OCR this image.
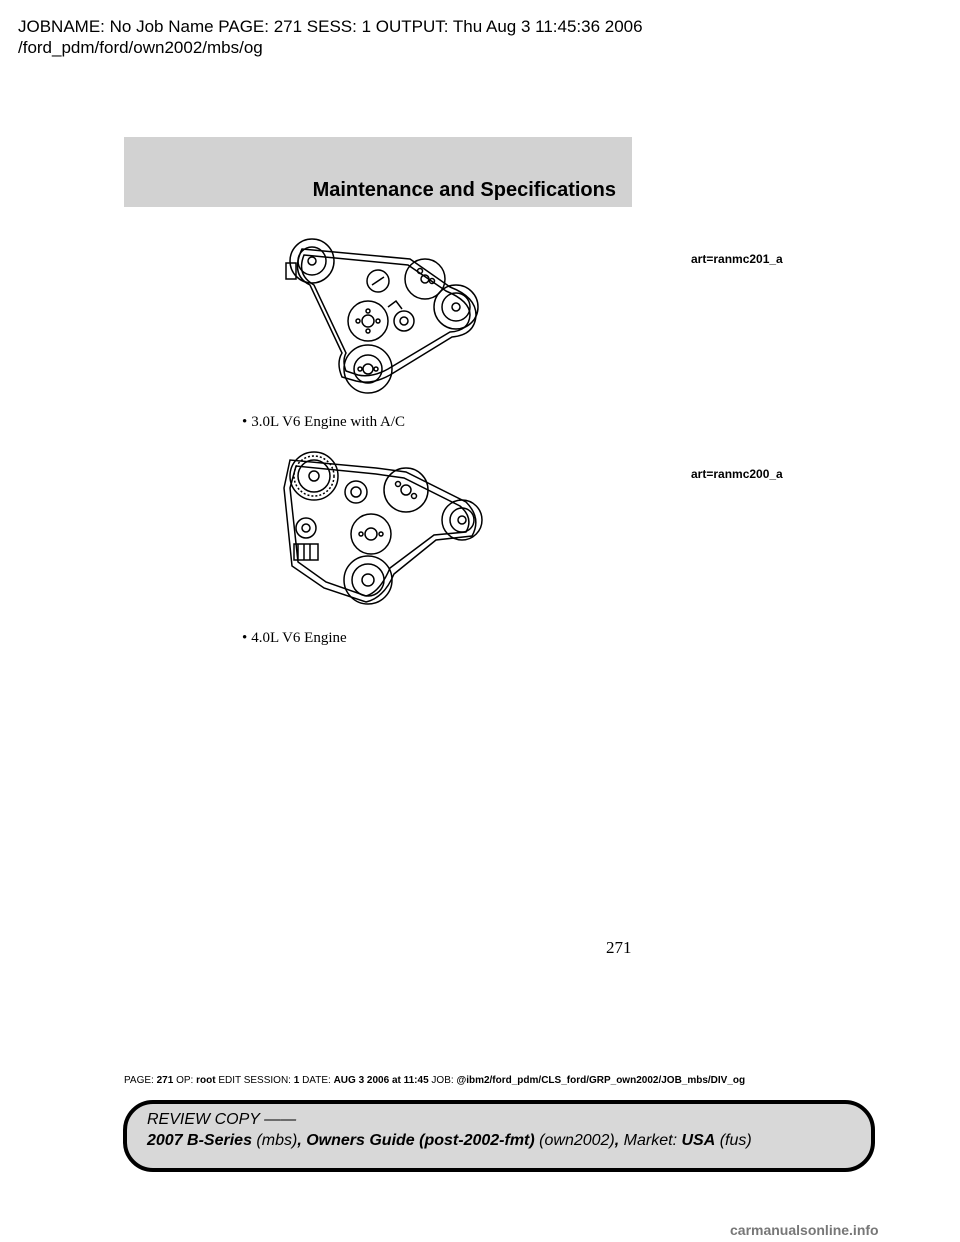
JOBNAME: No Job Name PAGE: 271 SESS: 1 OUTPUT: Thu Aug 3 11:45:36 2006
/ford_pdm/ford/own2002/mbs/og
Maintenance and Specifications
art=ranmc201_a
• 3.0L V6 Engine with A/C
art=ranmc200_a
• 4.0L V6 Engine
271
PAGE: 271 OP: root EDIT SESSION: 1 DATE: AUG 3 2006 at 11:45 JOB: @ibm2/ford_pdm/CLS_ford/GRP_own2002/JOB_mbs/DIV_og
REVIEW COPY ——
2007 B-Series (mbs), Owners Guide (post-2002-fmt) (own2002), Market: USA (fus)
carmanualsonline.info
